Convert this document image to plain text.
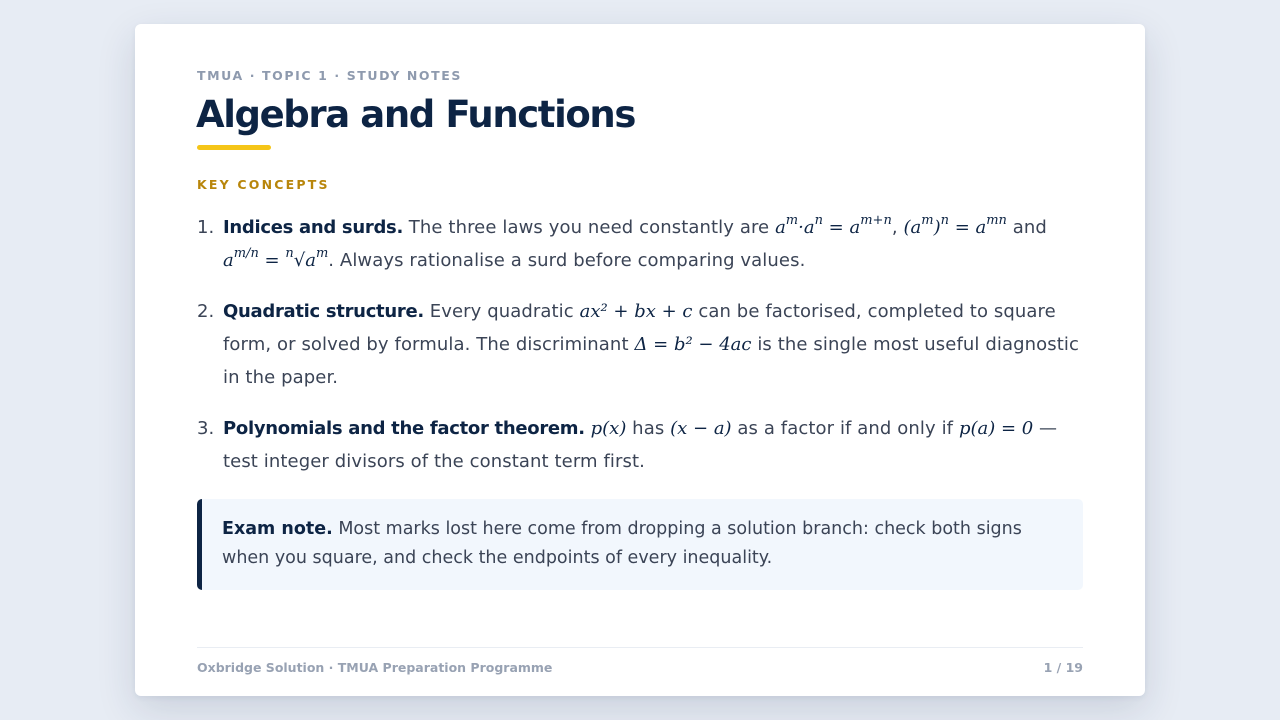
TMUA · TOPIC 1 · STUDY NOTES
Algebra and Functions
KEY CONCEPTS
1. Indices and surds. The three laws you need constantly are $a^m\cdot a^n = a^{m+n}$, $(a^m)^n = a^{mn}$ and $a^{m/n} = ^n√a^m$. Always rationalise a surd before comparing values.
2. Quadratic structure. Every quadratic ax² + bx + c can be factorised, completed to square form, or solved by formula. The discriminant Δ = b² − 4ac is the single most useful diagnostic in the paper.
3. Polynomials and the factor theorem. p(x) has (x − a) as a factor if and only if p(a) = 0 — test integer divisors of the constant term first.
Exam note. Most marks lost here come from dropping a solution branch: check both signs when you square, and check the endpoints of every inequality.
Oxbridge Solution · TMUA Preparation Programme	1 / 19
